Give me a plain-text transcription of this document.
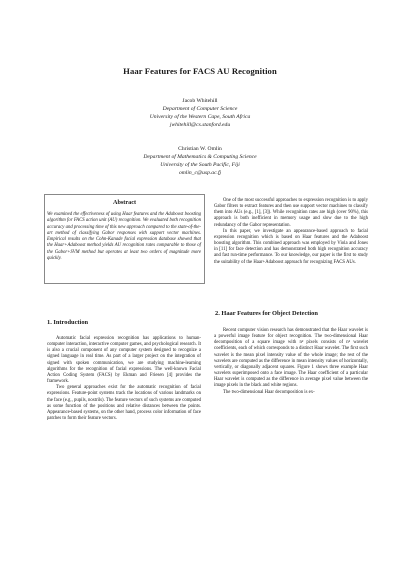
Haar Features for FACS AU Recognition
Jacob Whitehill
Department of Computer Science
University of the Western Cape, South Africa
jwhitehill@cs.stanford.edu
Christian W. Omlin
Department of Mathematics & Computing Science
University of the South Pacific, Fiji
omlin_c@usp.ac.fj
Abstract
We examined the effectiveness of using Haar features and the Adaboost boosting algorithm for FACS action unit (AU) recognition. We evaluated both recognition accuracy and processing time of this new approach compared to the state-of-the-art method of classifying Gabor responses with support vector machines. Empirical results on the Cohn-Kanade facial expression database showed that the Haar+Adaboost method yields AU recognition rates comparable to those of the Gabor+SVM method but operates at least two orders of magnitude more quickly.
1. Introduction

Automatic facial expression recognition has applications to human-computer interaction, interactive computer games, and psychological research. It is also a crucial component of any computer system designed to recognize a signed language in real time. As part of a larger project on the integration of signed with spoken communication, we are studying machine-learning algorithms for the recognition of facial expressions. The well-known Facial Action Coding System (FACS) by Ekman and Friesen [4] provides the framework.

Two general approaches exist for the automatic recognition of facial expressions. Feature-point systems track the locations of various landmarks on the face (e.g., pupils, nostrils). The feature vectors of such systems are computed as some function of the positions and relative distances between the points. Appearance-based systems, on the other hand, process color information of face patches to form their feature vectors.

One of the most successful approaches to expression recognition is to apply Gabor filters to extract features and then use support vector machines to classify them into AUs (e.g., [1], [3]). While recognition rates are high (over 90%), this approach is both inefficient in memory usage and slow due to the high redundancy of the Gabor representation.

In this paper, we investigate an appearance-based approach to facial expression recognition which is based on Haar features and the Adaboost boosting algorithm. This combined approach was employed by Viola and Jones in [11] for face detection and has demonstrated both high recognition accuracy and fast run-time performance. To our knowledge, our paper is the first to study the suitability of the Haar+Adaboost approach for recognizing FACS AUs.

2. Haar Features for Object Detection

Recent computer vision research has demonstrated that the Haar wavelet is a powerful image feature for object recognition. The two-dimensional Haar decomposition of a square image with n² pixels consists of n² wavelet coefficients, each of which corresponds to a distinct Haar wavelet. The first such wavelet is the mean pixel intensity value of the whole image; the rest of the wavelets are computed as the difference in mean intensity values of horizontally, vertically, or diagonally adjacent squares. Figure 1 shows three example Haar wavelets superimposed onto a face image. The Haar coefficient of a particular Haar wavelet is computed as the difference in average pixel value between the image pixels in the black and white regions.

The two-dimensional Haar decomposition is ex-
